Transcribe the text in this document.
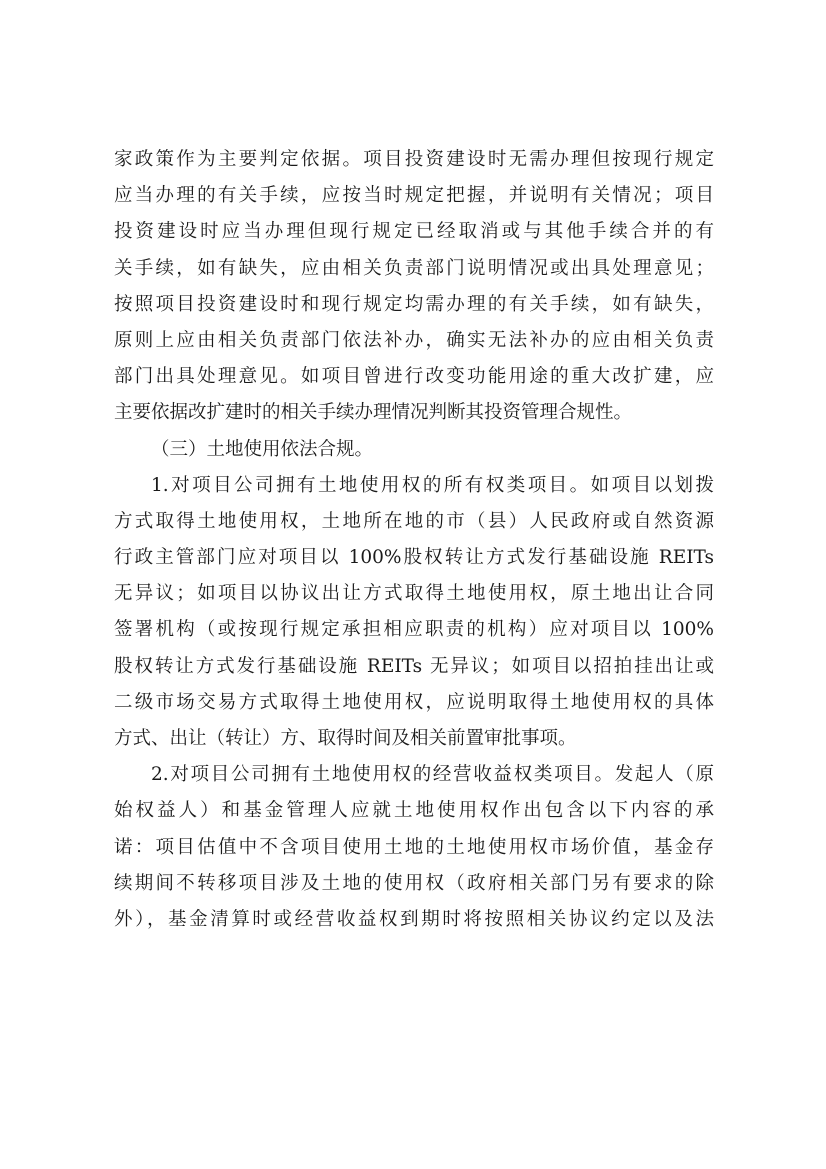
家政策作为主要判定依据。项目投资建设时无需办理但按现行规定
应当办理的有关手续，应按当时规定把握，并说明有关情况；项目
投资建设时应当办理但现行规定已经取消或与其他手续合并的有
关手续，如有缺失，应由相关负责部门说明情况或出具处理意见；
按照项目投资建设时和现行规定均需办理的有关手续，如有缺失，
原则上应由相关负责部门依法补办，确实无法补办的应由相关负责
部门出具处理意见。如项目曾进行改变功能用途的重大改扩建，应
主要依据改扩建时的相关手续办理情况判断其投资管理合规性。
（三）土地使用依法合规。
1.对项目公司拥有土地使用权的所有权类项目。如项目以划拨
方式取得土地使用权，土地所在地的市（县）人民政府或自然资源
行政主管部门应对项目以 100%股权转让方式发行基础设施 REITs
无异议；如项目以协议出让方式取得土地使用权，原土地出让合同
签署机构（或按现行规定承担相应职责的机构）应对项目以 100%
股权转让方式发行基础设施 REITs 无异议；如项目以招拍挂出让或
二级市场交易方式取得土地使用权，应说明取得土地使用权的具体
方式、出让（转让）方、取得时间及相关前置审批事项。
2.对项目公司拥有土地使用权的经营收益权类项目。发起人（原
始权益人）和基金管理人应就土地使用权作出包含以下内容的承
诺：项目估值中不含项目使用土地的土地使用权市场价值，基金存
续期间不转移项目涉及土地的使用权（政府相关部门另有要求的除
外），基金清算时或经营收益权到期时将按照相关协议约定以及法
